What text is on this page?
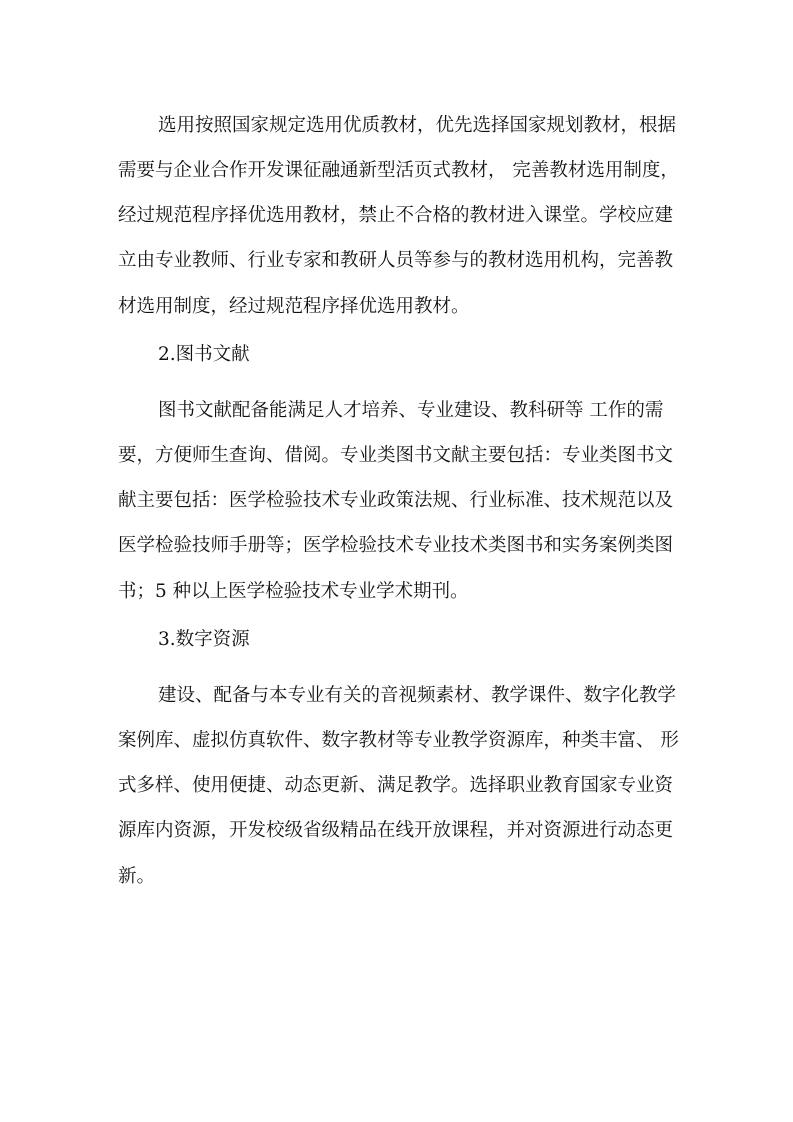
选用按照国家规定选用优质教材，优先选择国家规划教材，根据

需要与企业合作开发课征融通新型活页式教材， 完善教材选用制度，

经过规范程序择优选用教材，禁止不合格的教材进入课堂。学校应建

立由专业教师、行业专家和教研人员等参与的教材选用机构，完善教

材选用制度，经过规范程序择优选用教材。

2.图书文献

图书文献配备能满足人才培养、专业建设、教科研等 工作的需

要，方便师生查询、借阅。专业类图书文献主要包括：专业类图书文

献主要包括：医学检验技术专业政策法规、行业标准、技术规范以及

医学检验技师手册等；医学检验技术专业技术类图书和实务案例类图

书；5 种以上医学检验技术专业学术期刊。

3.数字资源

建设、配备与本专业有关的音视频素材、教学课件、数字化教学

案例库、虚拟仿真软件、数字教材等专业教学资源库，种类丰富、 形

式多样、使用便捷、动态更新、满足教学。选择职业教育国家专业资

源库内资源，开发校级省级精品在线开放课程，并对资源进行动态更

新。
